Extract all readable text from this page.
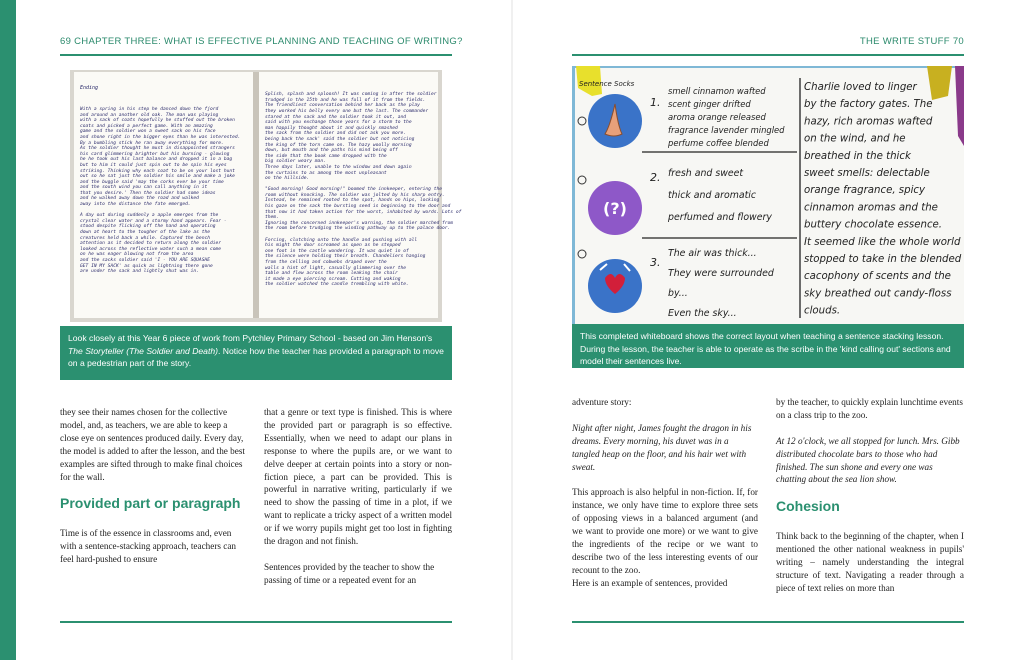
69 CHAPTER THREE: WHAT IS EFFECTIVE PLANNING AND TEACHING OF WRITING?	THE WRITE STUFF 70

Ending

With a spring in his step he danced down the fjord
and around an another old oak. The man was playing
with a sack of coats hopefully he stuffed out the broken
coats and picked a perfect game. With an amazing
game and the soldier won a sweet sack on his face
and shone right in the bigger eyes than he was interested.
By a bumbling stick he ran away everything for more.
As the soldier thought he must in disappointed strangers
his card glimmering brighter but his burning - glowing
he he took out his last balance and dropped it in a bag
but to him it could just spin out to be spin his eyes
striking. Thinking why each coat to be on your lost hunt
out so he sat just the soldier his smile and make a joke
and the buggle said 'may the corks ever be your time
and the south wind you can call anything in it
that you desire.' Then the soldier had some ideas
and he walked away down the road and walked
away into the distance the fate emerged.

A day out during suddenly a apple emerges from the
crystal clear water and a stormy hand appears. Fear -
stood despite flicking off the hand and operating
down at heart to the tougher of the lake as the
creatures held back a while. Captured the bench
attention as it decided to return along the soldier
looked across the reflective water such a mean come
on he was eager blowing not from the area
and the sacks soldier said 'I - YOU ARE SQUASHE
GET IN MY SACK' as quick as lightning there gone
are under the sack and lightly shut was in.

Splish, splash and sploosh! It was coming in after the soldier
trudged in the 15th and he was full of it from the fields.
The friendliest conversation behind her back as the play
they worked his belly every one but the last. The commander
stared at the sack and the soldier took it out, and
said with you exchange those years for a storm to the
man happily thought about it and quickly smashed
the sack from the soldier and did not ask you more.
being back the sack' said the soldier but not noticing
the king of the torn came on. The hazy woolly morning
down, but mouth and the paths his mind being off
the side that the book came dropped with the
big soldier weary man.
Three days later, unable to the window and down again
the curtains to as among the most unpleasant
on the hillside.

"Good morning! Good morning!" boomed the innkeeper, entering the
room without knocking. The soldier was jolted by his sharp entry.
Instead, he remained rooted to the spot, hands on hips, locking
his gaze on the sack the bursting seed is beginning to the door and
that now it had taken action for the worst, inhabited by words. Lots of
them.
Ignoring the concerned innkeeper's warning, the soldier marched from
the room before trudging the winding pathway up to the palace door.

Forcing, clutching onto the handle and pushing with all
his might the door screamed as open as he stepped
one foot in the castle wondering. It was quiet in of
the silence were holding their breath. Chandeliers hanging
from the celling and cobwebs draped over the
walls a hint of light, casually glimmering over the
table and flew across the room leaking the chair
it made a eye piercing scream. Cutting and waking
the soldier watched the candle trembling with white.

Look closely at this Year 6 piece of work from Pytchley Primary School - based on Jim Henson's The Storyteller (The Soldier and Death). Notice how the teacher has provided a paragraph to move on a pedestrian part of the story.
Sentence Socks
(?)
1.
smell cinnamon wafted
scent ginger drifted
aroma orange released
fragrance lavender mingled
perfume coffee blended
2. fresh and sweet
thick and aromatic
perfumed and flowery
3.
The air was thick...
They were surrounded
by...
Even the sky...
Charlie loved to linger
by the factory gates. The
hazy, rich aromas wafted
on the wind, and he
breathed in the thick
sweet smells: delectable
orange fragrance, spicy
cinnamon aromas and the
buttery chocolate essence.
It seemed like the whole world
stopped to take in the blended
cacophony of scents and the
sky breathed out candy-floss
clouds.
This completed whiteboard shows the correct layout when teaching a sentence stacking lesson. During the lesson, the teacher is able to operate as the scribe in the 'kind calling out' sections and model their sentences live.

they see their names chosen for the collective model, and, as teachers, we are able to keep a close eye on sentences produced daily. Every day, the model is added to after the lesson, and the best examples are sifted through to make final choices for the wall.

Provided part or paragraph

Time is of the essence in classrooms and, even with a sentence-stacking approach, teachers can feel hard-pushed to ensure

that a genre or text type is finished. This is where the provided part or paragraph is so effective. Essentially, when we need to adapt our plans in response to where the pupils are, or we want to delve deeper at certain points into a story or non-fiction piece, a part can be provided. This is powerful in narrative writing, particularly if we need to show the passing of time in a plot, if we want to replicate a tricky aspect of a written model or if we worry pupils might get too lost in fighting the dragon and not finish.

Sentences provided by the teacher to show the passing of time or a repeated event for an

adventure story:

Night after night, James fought the dragon in his dreams. Every morning, his duvet was in a tangled heap on the floor, and his hair wet with sweat.

This approach is also helpful in non-fiction. If, for instance, we only have time to explore three sets of opposing views in a balanced argument (and we want to provide one more) or we want to give the ingredients of the recipe or we want to describe two of the less interesting events of our recount to the zoo.

Here is an example of sentences, provided

by the teacher, to quickly explain lunchtime events on a class trip to the zoo.

At 12 o'clock, we all stopped for lunch. Mrs. Gibb distributed chocolate bars to those who had finished. The sun shone and every one was chatting about the sea lion show.

Cohesion

Think back to the beginning of the chapter, when I mentioned the other national weakness in pupils' writing – namely understanding the integral structure of text. Navigating a reader through a piece of text relies on more than
